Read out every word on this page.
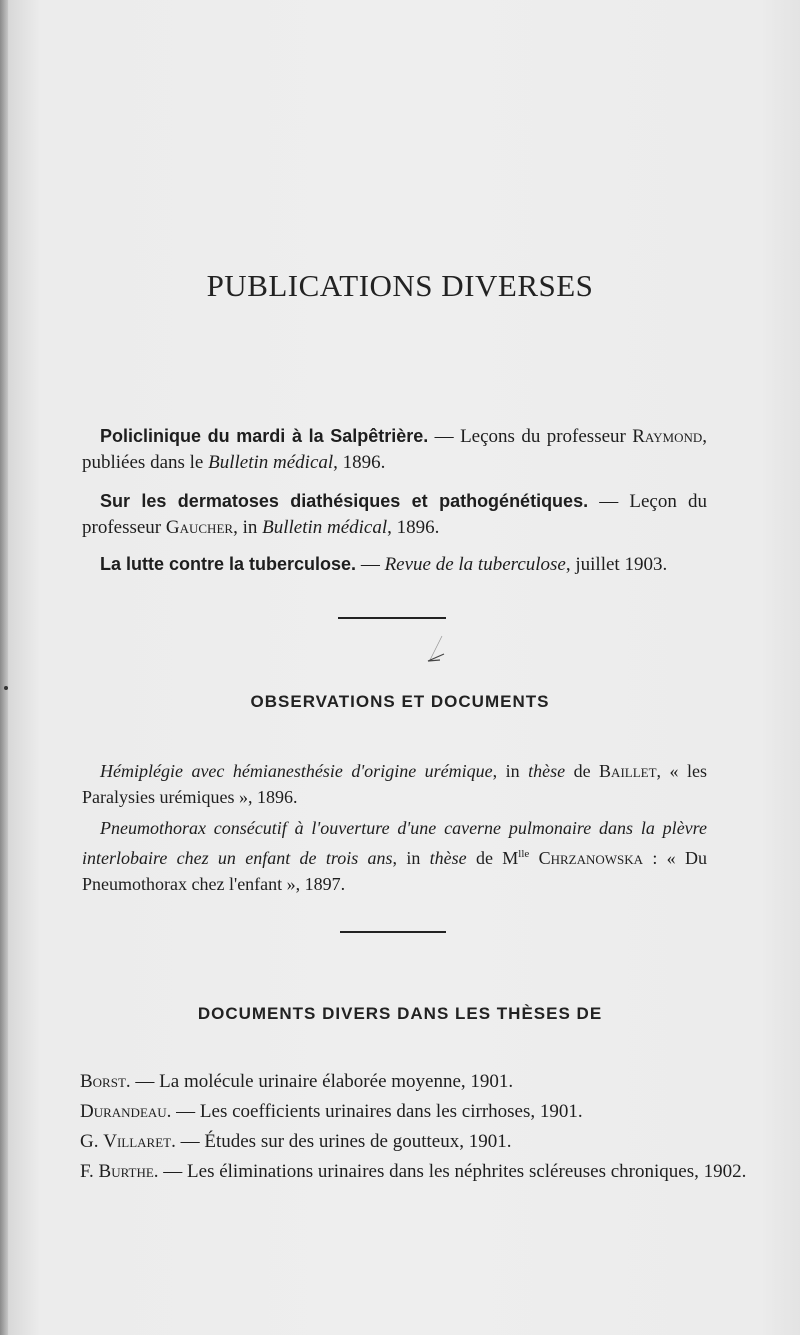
PUBLICATIONS DIVERSES
Policlinique du mardi à la Salpêtrière. — Leçons du professeur Raymond, publiées dans le Bulletin médical, 1896.
Sur les dermatoses diathésiques et pathogénétiques. — Leçon du professeur Gaucher, in Bulletin médical, 1896.
La lutte contre la tuberculose. — Revue de la tuberculose, juillet 1903.
OBSERVATIONS ET DOCUMENTS
Hémiplégie avec hémianesthésie d'origine urémique, in thèse de Baillet, « les Paralysies urémiques », 1896.
Pneumothorax consécutif à l'ouverture d'une caverne pulmonaire dans la plèvre interlobaire chez un enfant de trois ans, in thèse de $M^{lle}$ Chrzanowska : « Du Pneumothorax chez l'enfant », 1897.
DOCUMENTS DIVERS DANS LES THÈSES DE
Borst. — La molécule urinaire élaborée moyenne, 1901.
Durandeau. — Les coefficients urinaires dans les cirrhoses, 1901.
G. Villaret. — Études sur des urines de goutteux, 1901.
F. Burthe. — Les éliminations urinaires dans les néphrites scléreuses chroniques, 1902.
